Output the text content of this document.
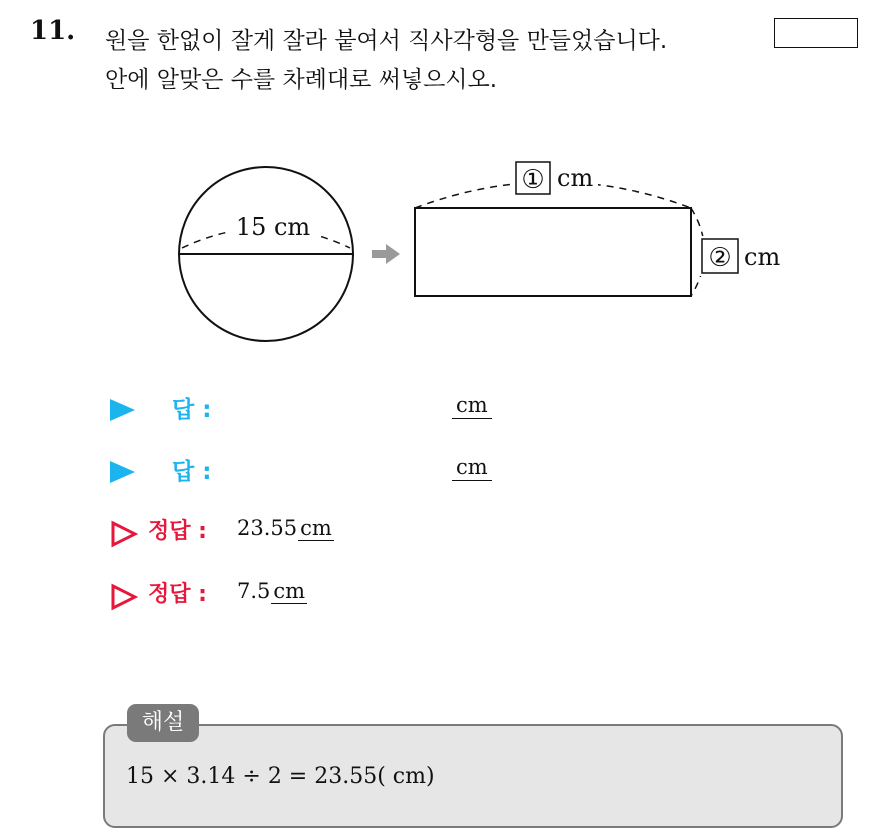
11. 원을 한없이 잘게 잘라 붙여서 직사각형을 만들었습니다.
안에 알맞은 수를 차례대로 써넣으시오.
15 cm
① cm
② cm
답 :	cm
답 :	cm
정답 : 23.55 cm
정답 : 7.5 cm
해설
15 × 3.14 ÷ 2 = 23.55( cm)
